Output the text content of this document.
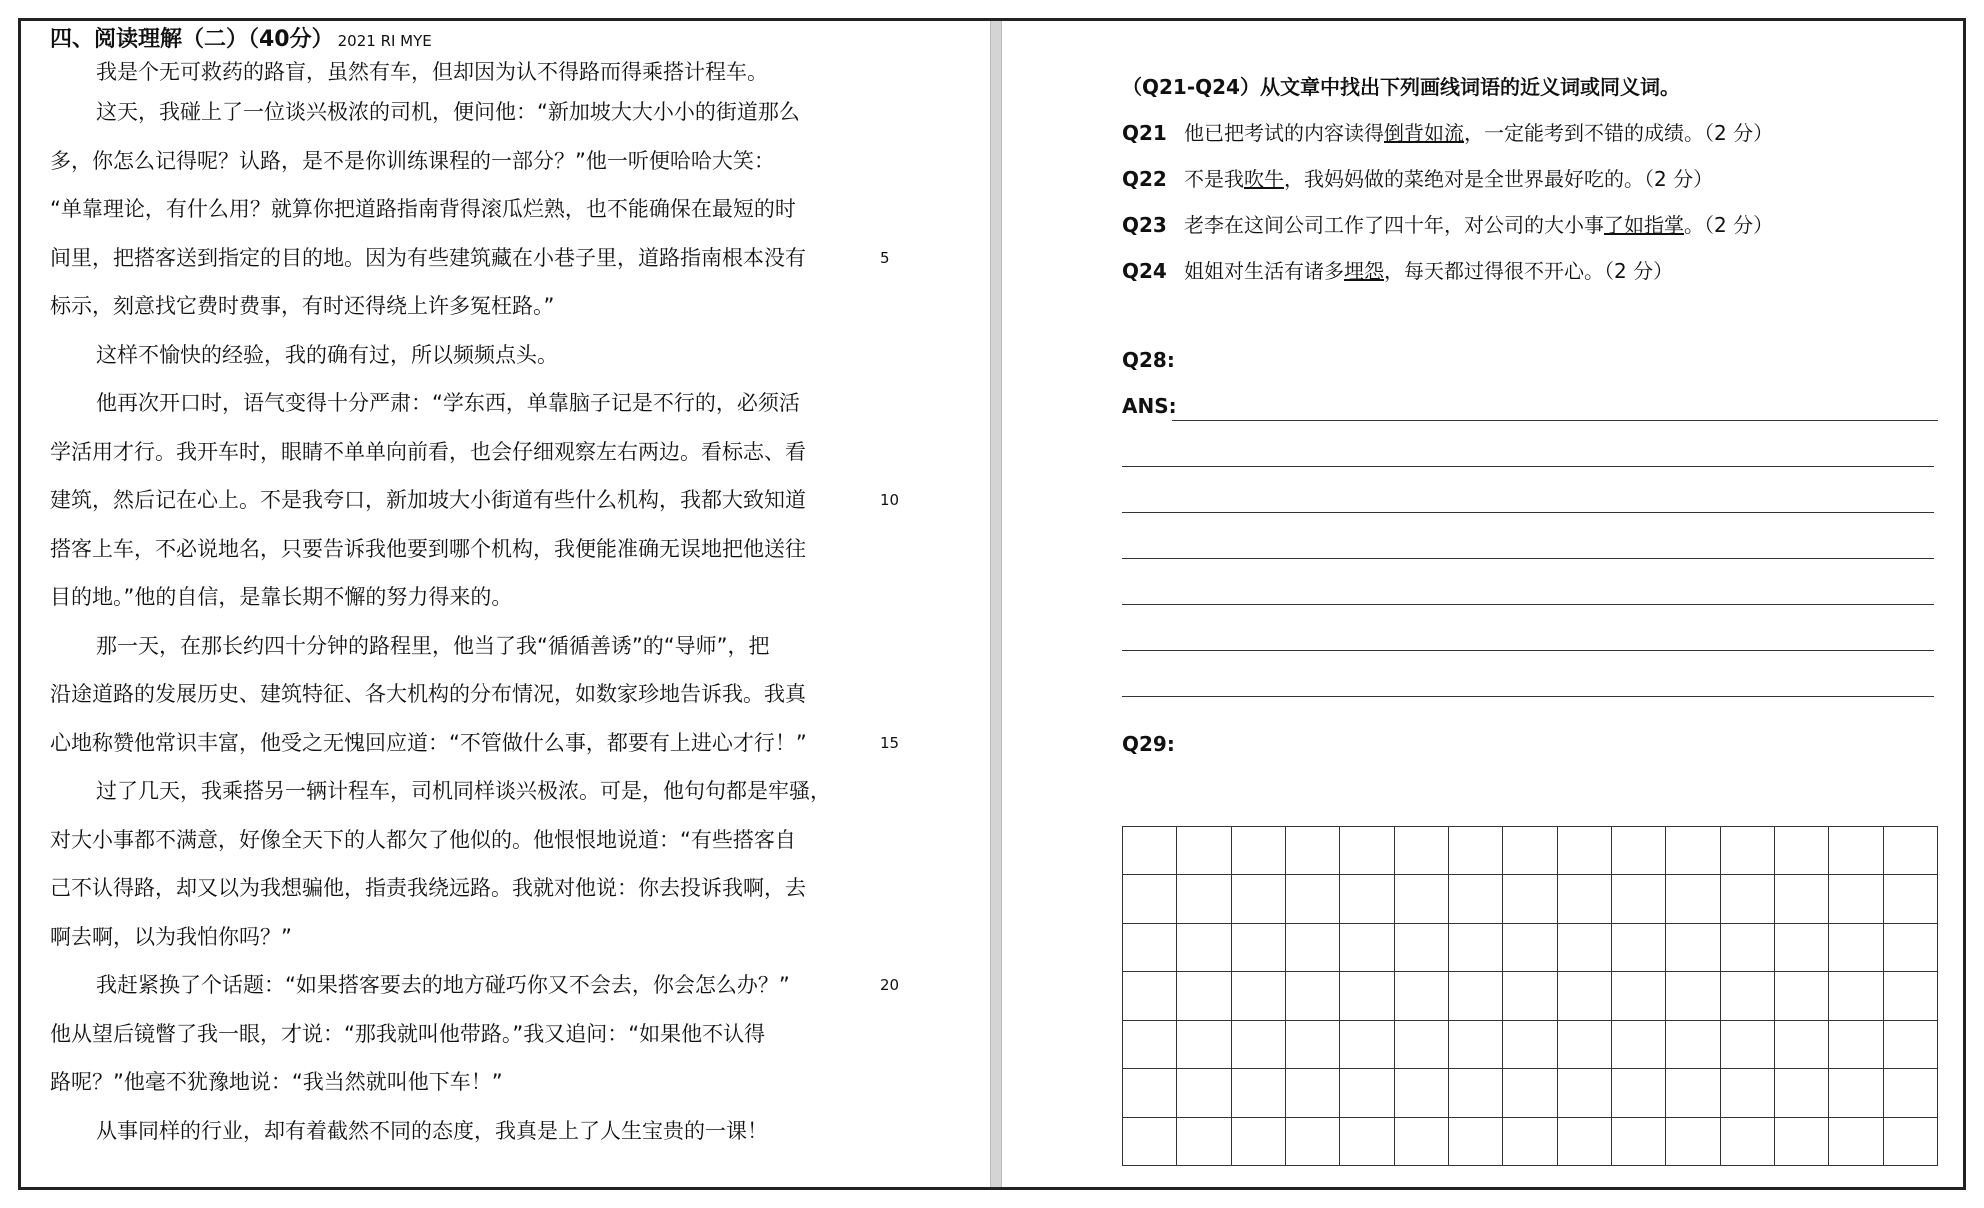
四、阅读理解（二）（40分） 2021 RI MYE
我是个无可救药的路盲，虽然有车，但却因为认不得路而得乘搭计程车。
这天，我碰上了一位谈兴极浓的司机，便问他：“新加坡大大小小的街道那么
多，你怎么记得呢？认路，是不是你训练课程的一部分？”他一听便哈哈大笑：
“单靠理论，有什么用？就算你把道路指南背得滚瓜烂熟，也不能确保在最短的时
间里，把搭客送到指定的目的地。因为有些建筑藏在小巷子里，道路指南根本没有	5
标示，刻意找它费时费事，有时还得绕上许多冤枉路。”
这样不愉快的经验，我的确有过，所以频频点头。
他再次开口时，语气变得十分严肃：“学东西，单靠脑子记是不行的，必须活
学活用才行。我开车时，眼睛不单单向前看，也会仔细观察左右两边。看标志、看
建筑，然后记在心上。不是我夸口，新加坡大小街道有些什么机构，我都大致知道	10
搭客上车，不必说地名，只要告诉我他要到哪个机构，我便能准确无误地把他送往
目的地。”他的自信，是靠长期不懈的努力得来的。
那一天，在那长约四十分钟的路程里，他当了我“循循善诱”的“导师”，把
沿途道路的发展历史、建筑特征、各大机构的分布情况，如数家珍地告诉我。我真
心地称赞他常识丰富，他受之无愧回应道：“不管做什么事，都要有上进心才行！”	15
过了几天，我乘搭另一辆计程车，司机同样谈兴极浓。可是，他句句都是牢骚，
对大小事都不满意，好像全天下的人都欠了他似的。他恨恨地说道：“有些搭客自
己不认得路，却又以为我想骗他，指责我绕远路。我就对他说：你去投诉我啊，去
啊去啊，以为我怕你吗？”
我赶紧换了个话题：“如果搭客要去的地方碰巧你又不会去，你会怎么办？”	20
他从望后镜瞥了我一眼，才说：“那我就叫他带路。”我又追问：“如果他不认得
路呢？”他毫不犹豫地说：“我当然就叫他下车！”
从事同样的行业，却有着截然不同的态度，我真是上了人生宝贵的一课！
（Q21-Q24）从文章中找出下列画线词语的近义词或同义词。
Q21 他已把考试的内容读得倒背如流，一定能考到不错的成绩。（2 分）
Q22 不是我吹牛，我妈妈做的菜绝对是全世界最好吃的。（2 分）
Q23 老李在这间公司工作了四十年，对公司的大小事了如指掌。（2 分）
Q24 姐姐对生活有诸多埋怨，每天都过得很不开心。（2 分）
Q28:
ANS:
Q29:
